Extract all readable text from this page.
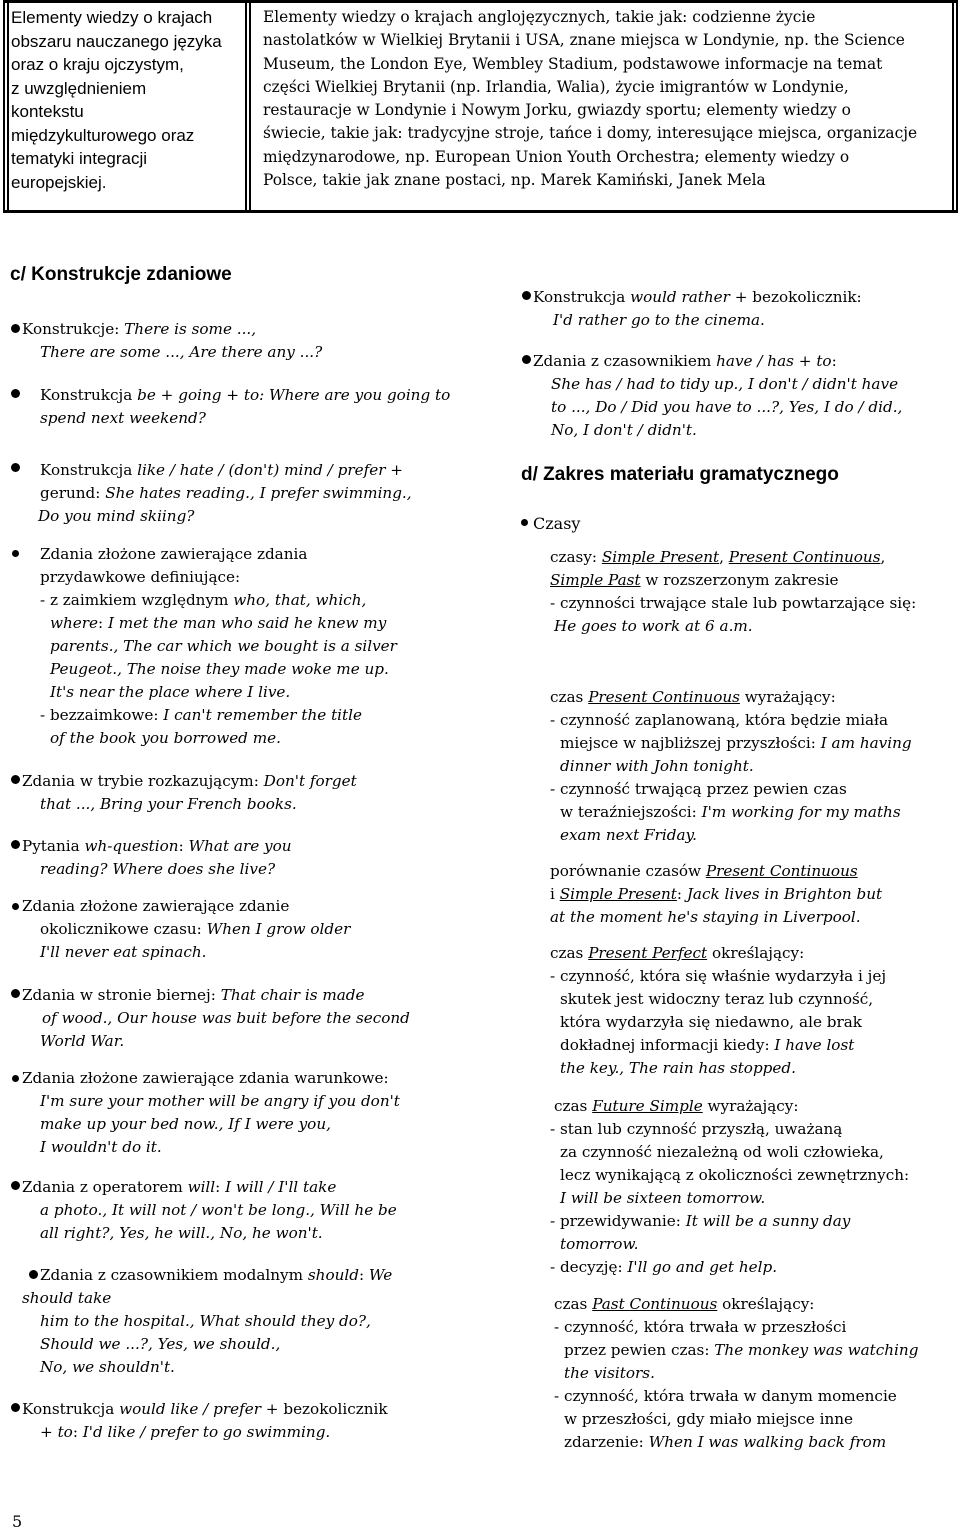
Elementy wiedzy o krajach
obszaru nauczanego języka
oraz o kraju ojczystym,
z uwzględnieniem
kontekstu
międzykulturowego oraz
tematyki integracji
europejskiej.
Elementy wiedzy o krajach anglojęzycznych, takie jak: codzienne życie
nastolatków w Wielkiej Brytanii i USA, znane miejsca w Londynie, np. the Science
Museum, the London Eye, Wembley Stadium, podstawowe informacje na temat
części Wielkiej Brytanii (np. Irlandia, Walia), życie imigrantów w Londynie,
restauracje w Londynie i Nowym Jorku, gwiazdy sportu; elementy wiedzy o
świecie, takie jak: tradycyjne stroje, tańce i domy, interesujące miejsca, organizacje
międzynarodowe, np. European Union Youth Orchestra; elementy wiedzy o
Polsce, takie jak znane postaci, np. Marek Kamiński, Janek Mela
c/ Konstrukcje zdaniowe
Konstrukcje: There is some ...,
There are some ..., Are there any ...?
Konstrukcja be + going + to: Where are you going to
spend next weekend?
Konstrukcja like / hate / (don't) mind / prefer +
gerund: She hates reading., I prefer swimming.,
Do you mind skiing?
Zdania złożone zawierające zdania
przydawkowe definiujące:
- z zaimkiem względnym who, that, which,
where: I met the man who said he knew my
parents., The car which we bought is a silver
Peugeot., The noise they made woke me up.
It's near the place where I live.
- bezzaimkowe: I can't remember the title
of the book you borrowed me.
Zdania w trybie rozkazującym: Don't forget
that ..., Bring your French books.
Pytania wh-question: What are you
reading? Where does she live?
Zdania złożone zawierające zdanie
okolicznikowe czasu: When I grow older
I'll never eat spinach.
Zdania w stronie biernej: That chair is made
of wood., Our house was buit before the second
World War.
Zdania złożone zawierające zdania warunkowe:
I'm sure your mother will be angry if you don't
make up your bed now., If I were you,
I wouldn't do it.
Zdania z operatorem will: I will / I'll take
a photo., It will not / won't be long., Will he be
all right?, Yes, he will., No, he won't.
Zdania z czasownikiem modalnym should: We
should take
him to the hospital., What should they do?,
Should we ...?, Yes, we should.,
No, we shouldn't.
Konstrukcja would like / prefer + bezokolicznik
+ to: I'd like / prefer to go swimming.
5
Konstrukcja would rather + bezokolicznik:
I'd rather go to the cinema.
Zdania z czasownikiem have / has + to:
She has / had to tidy up., I don't / didn't have
to ..., Do / Did you have to ...?, Yes, I do / did.,
No, I don't / didn't.
d/ Zakres materiału gramatycznego
Czasy
czasy: Simple Present, Present Continuous,
Simple Past w rozszerzonym zakresie
- czynności trwające stale lub powtarzające się:
He goes to work at 6 a.m.
czas Present Continuous wyrażający:
- czynność zaplanowaną, która będzie miała
miejsce w najbliższej przyszłości: I am having
dinner with John tonight.
- czynność trwającą przez pewien czas
w teraźniejszości: I'm working for my maths
exam next Friday.
porównanie czasów Present Continuous
i Simple Present: Jack lives in Brighton but
at the moment he's staying in Liverpool.
czas Present Perfect określający:
- czynność, która się właśnie wydarzyła i jej
skutek jest widoczny teraz lub czynność,
która wydarzyła się niedawno, ale brak
dokładnej informacji kiedy: I have lost
the key., The rain has stopped.
czas Future Simple wyrażający:
- stan lub czynność przyszłą, uważaną
za czynność niezależną od woli człowieka,
lecz wynikającą z okoliczności zewnętrznych:
I will be sixteen tomorrow.
- przewidywanie: It will be a sunny day
tomorrow.
- decyzję: I'll go and get help.
czas Past Continuous określający:
- czynność, która trwała w przeszłości
przez pewien czas: The monkey was watching
the visitors.
- czynność, która trwała w danym momencie
w przeszłości, gdy miało miejsce inne
zdarzenie: When I was walking back from
